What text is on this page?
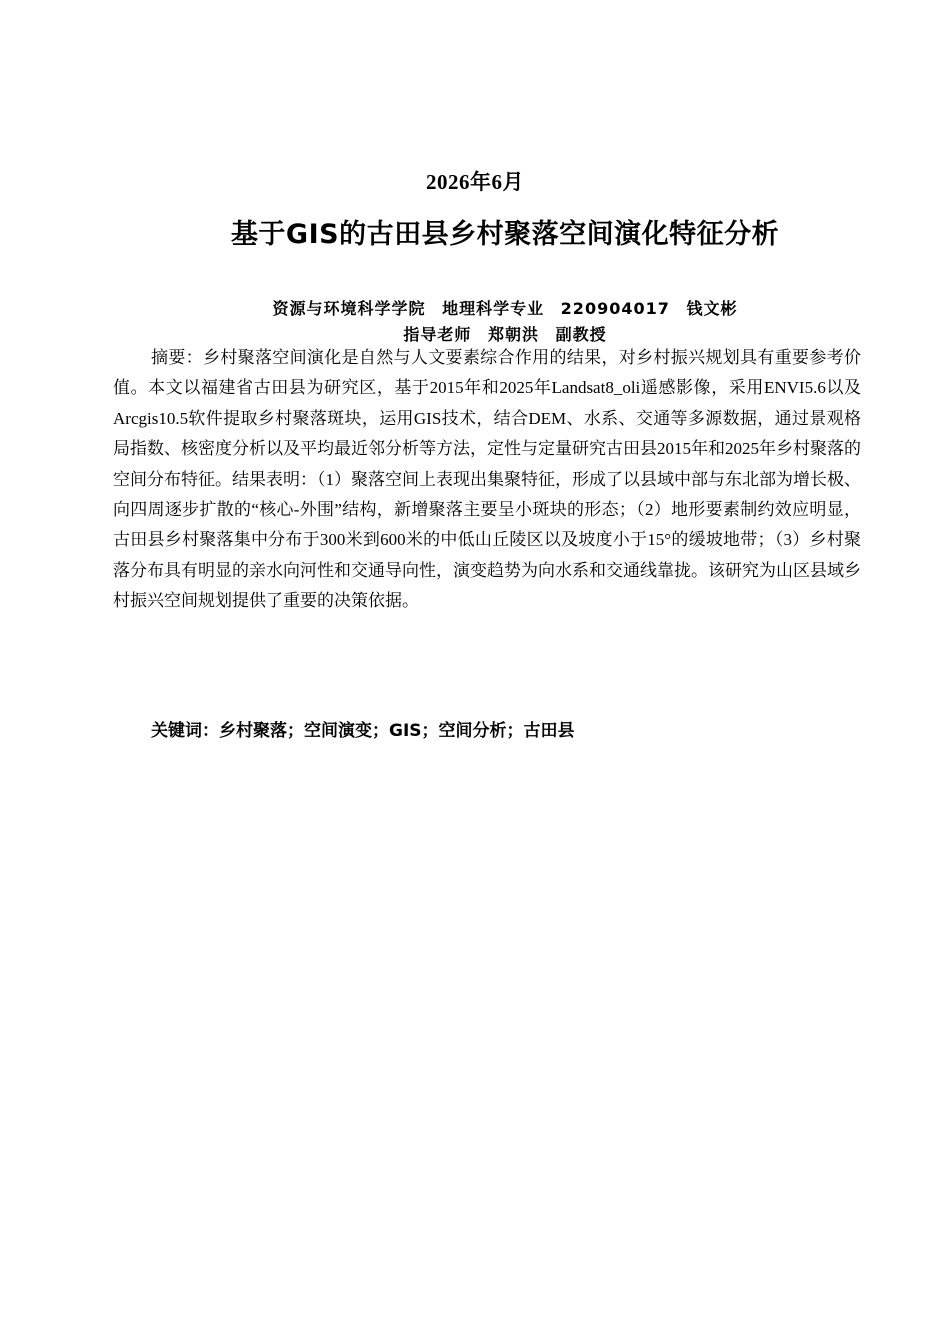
2026年6月
基于GIS的古田县乡村聚落空间演化特征分析
资源与环境科学学院 地理科学专业 220904017 钱文彬
指导老师 郑朝洪 副教授

摘要：乡村聚落空间演化是自然与人文要素综合作用的结果，对乡村振兴规划具有重要参考价值。本文以福建省古田县为研究区，基于2015年和2025年Landsat8_oli遥感影像，采用ENVI5.6以及Arcgis10.5软件提取乡村聚落斑块，运用GIS技术，结合DEM、水系、交通等多源数据，通过景观格局指数、核密度分析以及平均最近邻分析等方法，定性与定量研究古田县2015年和2025年乡村聚落的空间分布特征。结果表明：（1）聚落空间上表现出集聚特征，形成了以县域中部与东北部为增长极、向四周逐步扩散的“核心-外围”结构，新增聚落主要呈小斑块的形态；（2）地形要素制约效应明显，古田县乡村聚落集中分布于300米到600米的中低山丘陵区以及坡度小于15°的缓坡地带；（3）乡村聚落分布具有明显的亲水向河性和交通导向性，演变趋势为向水系和交通线靠拢。该研究为山区县域乡村振兴空间规划提供了重要的决策依据。

关键词：乡村聚落；空间演变；GIS；空间分析；古田县
